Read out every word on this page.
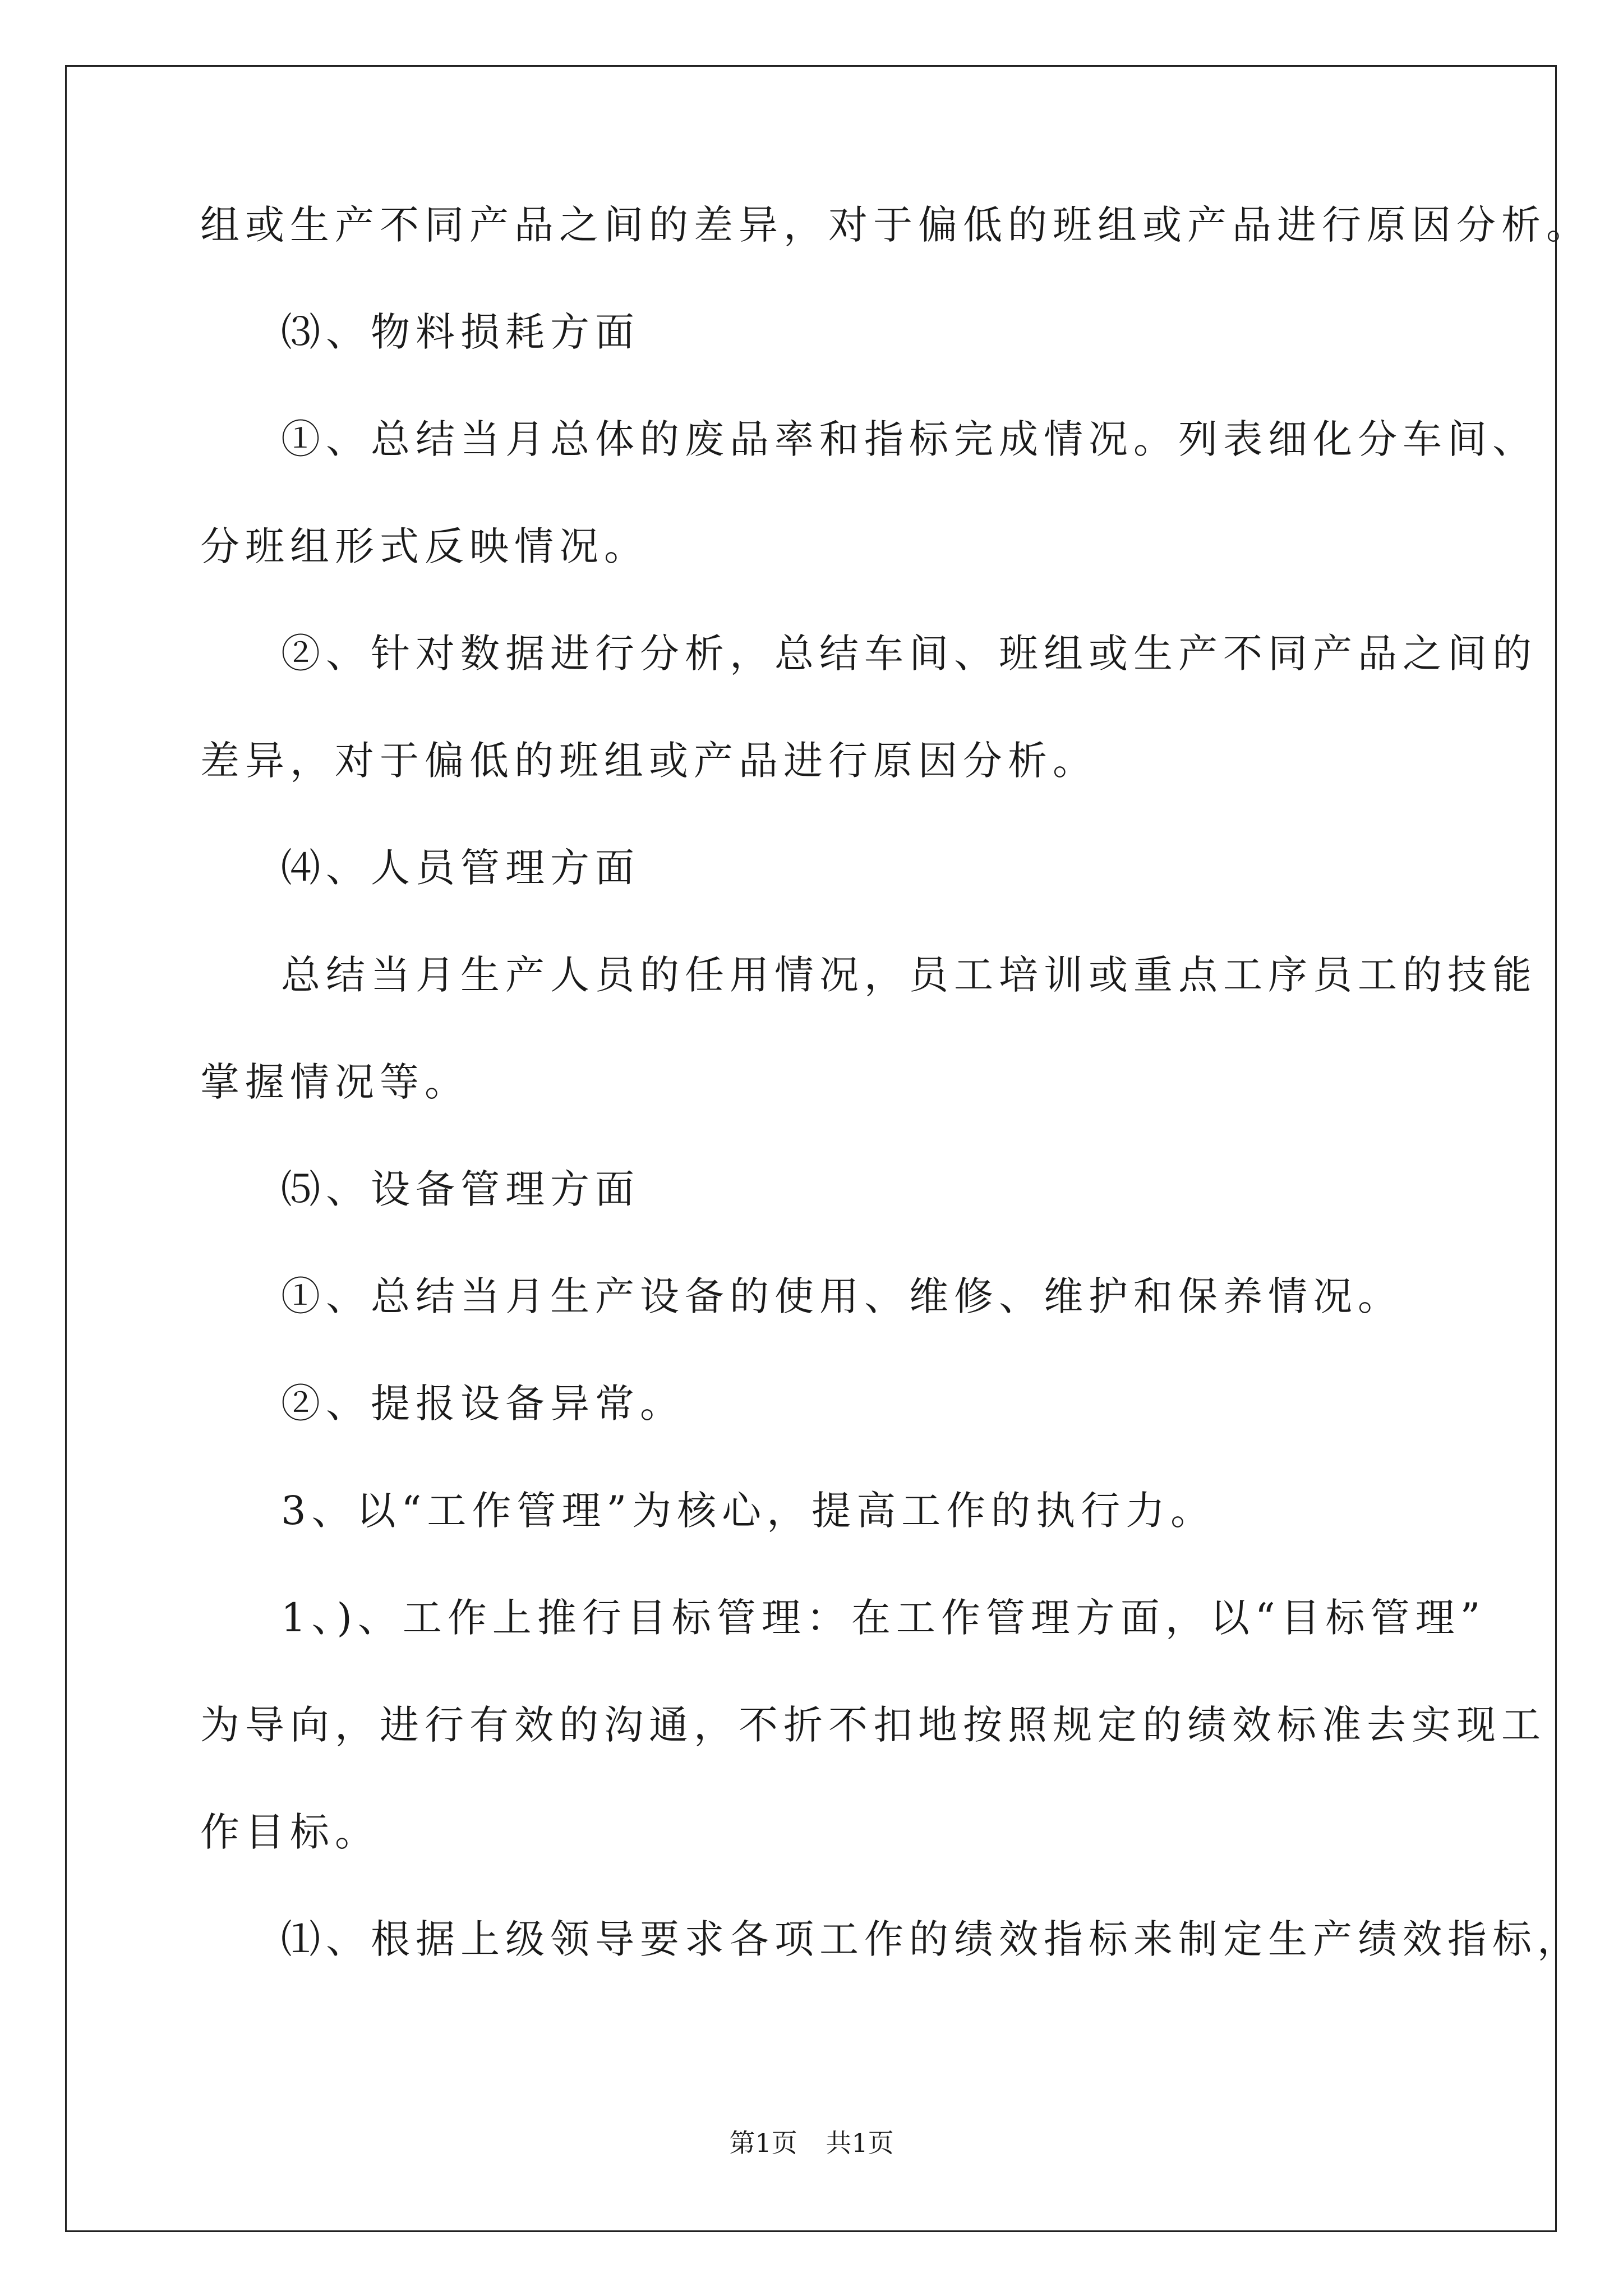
组或生产不同产品之间的差异，对于偏低的班组或产品进行原因分析。
⑶、物料损耗方面
①、总结当月总体的废品率和指标完成情况。列表细化分车间、
分班组形式反映情况。
②、针对数据进行分析，总结车间、班组或生产不同产品之间的
差异，对于偏低的班组或产品进行原因分析。
⑷、人员管理方面
总结当月生产人员的任用情况，员工培训或重点工序员工的技能
掌握情况等。
⑸、设备管理方面
①、总结当月生产设备的使用、维修、维护和保养情况。
②、提报设备异常。
3、以“工作管理”为核心，提高工作的执行力。
1、)、工作上推行目标管理：在工作管理方面，以“目标管理”
为导向，进行有效的沟通，不折不扣地按照规定的绩效标准去实现工
作目标。
⑴、根据上级领导要求各项工作的绩效指标来制定生产绩效指标，
第1页 共1页
